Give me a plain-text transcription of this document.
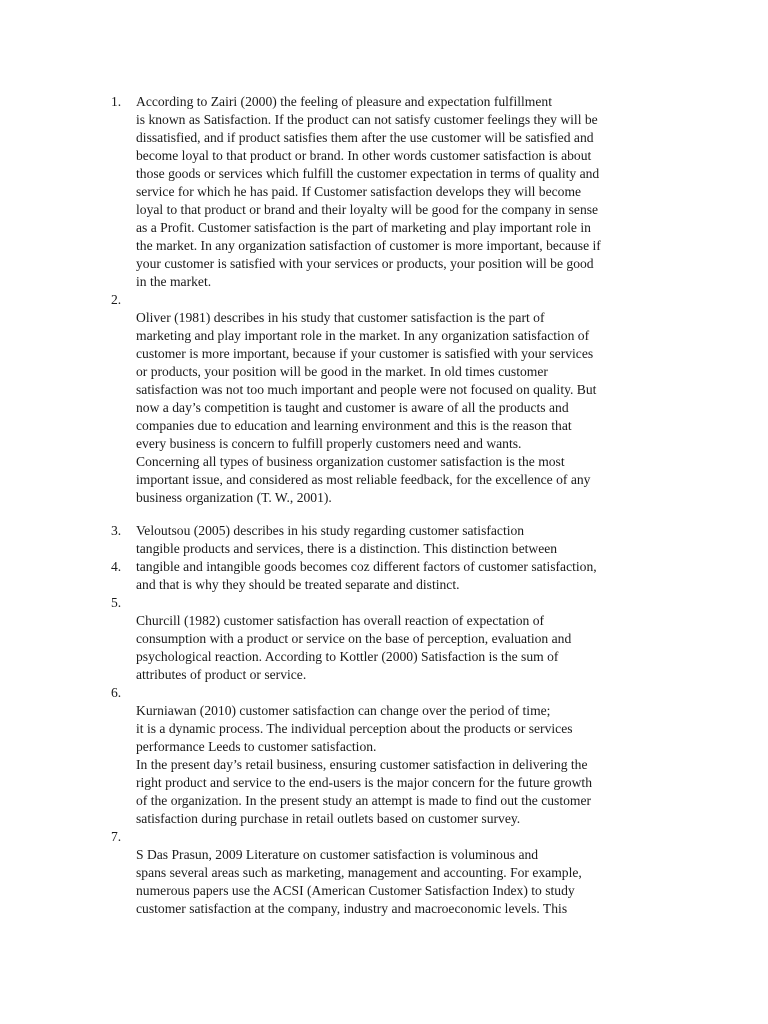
1. According to Zairi (2000) the feeling of pleasure and expectation fulfillment
is known as Satisfaction. If the product can not satisfy customer feelings they will be
dissatisfied, and if product satisfies them after the use customer will be satisfied and
become loyal to that product or brand. In other words customer satisfaction is about
those goods or services which fulfill the customer expectation in terms of quality and
service for which he has paid. If Customer satisfaction develops they will become
loyal to that product or brand and their loyalty will be good for the company in sense
as a Profit. Customer satisfaction is the part of marketing and play important role in
the market. In any organization satisfaction of customer is more important, because if
your customer is satisfied with your services or products, your position will be good
in the market.
2.
Oliver (1981) describes in his study that customer satisfaction is the part of
marketing and play important role in the market. In any organization satisfaction of
customer is more important, because if your customer is satisfied with your services
or products, your position will be good in the market. In old times customer
satisfaction was not too much important and people were not focused on quality. But
now a day’s competition is taught and customer is aware of all the products and
companies due to education and learning environment and this is the reason that
every business is concern to fulfill properly customers need and wants.
Concerning all types of business organization customer satisfaction is the most
important issue, and considered as most reliable feedback, for the excellence of any
business organization (T. W., 2001).
3. Veloutsou (2005) describes in his study regarding customer satisfaction
tangible products and services, there is a distinction. This distinction between
4. tangible and intangible goods becomes coz different factors of customer satisfaction,
and that is why they should be treated separate and distinct.
5.
Churcill (1982) customer satisfaction has overall reaction of expectation of
consumption with a product or service on the base of perception, evaluation and
psychological reaction. According to Kottler (2000) Satisfaction is the sum of
attributes of product or service.
6.
Kurniawan (2010) customer satisfaction can change over the period of time;
it is a dynamic process. The individual perception about the products or services
performance Leeds to customer satisfaction.
In the present day’s retail business, ensuring customer satisfaction in delivering the
right product and service to the end-users is the major concern for the future growth
of the organization. In the present study an attempt is made to find out the customer
satisfaction during purchase in retail outlets based on customer survey.
7.
S Das Prasun, 2009 Literature on customer satisfaction is voluminous and
spans several areas such as marketing, management and accounting. For example,
numerous papers use the ACSI (American Customer Satisfaction Index) to study
customer satisfaction at the company, industry and macroeconomic levels. This
